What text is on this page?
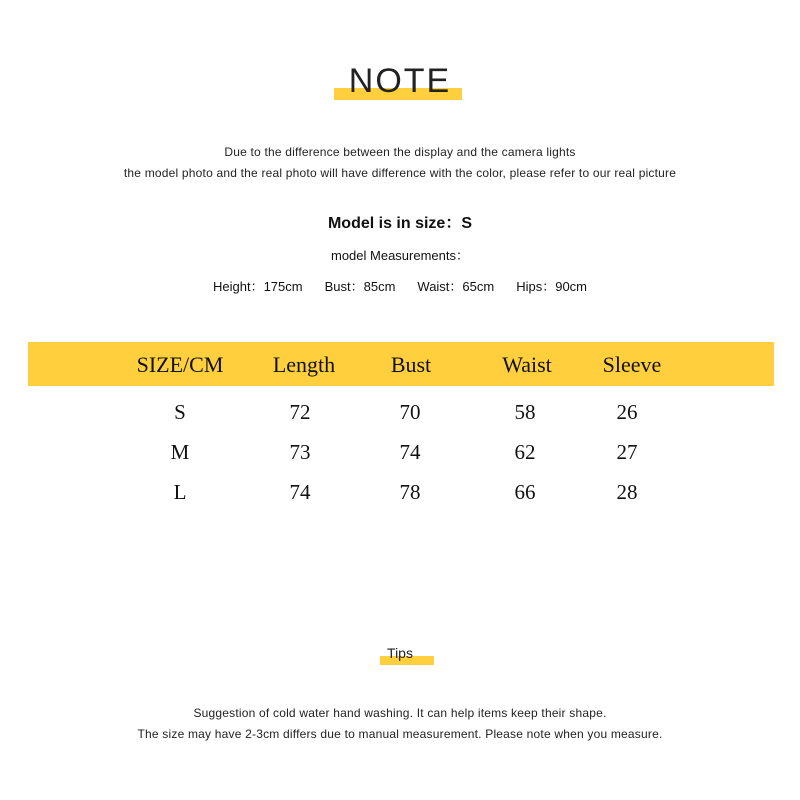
NOTE
Due to the difference between the display and the camera lights
the model photo and the real photo will have difference with the color, please refer to our real picture
Model is in size：S
model Measurements：
Height：175cm Bust：85cm Waist：65cm Hips：90cm
SIZE/CM	Length	Bust	Waist	Sleeve
S	72	70	58	26
M	73	74	62	27
L	74	78	66	28
Tips
Suggestion of cold water hand washing. It can help items keep their shape.
The size may have 2-3cm differs due to manual measurement. Please note when you measure.
